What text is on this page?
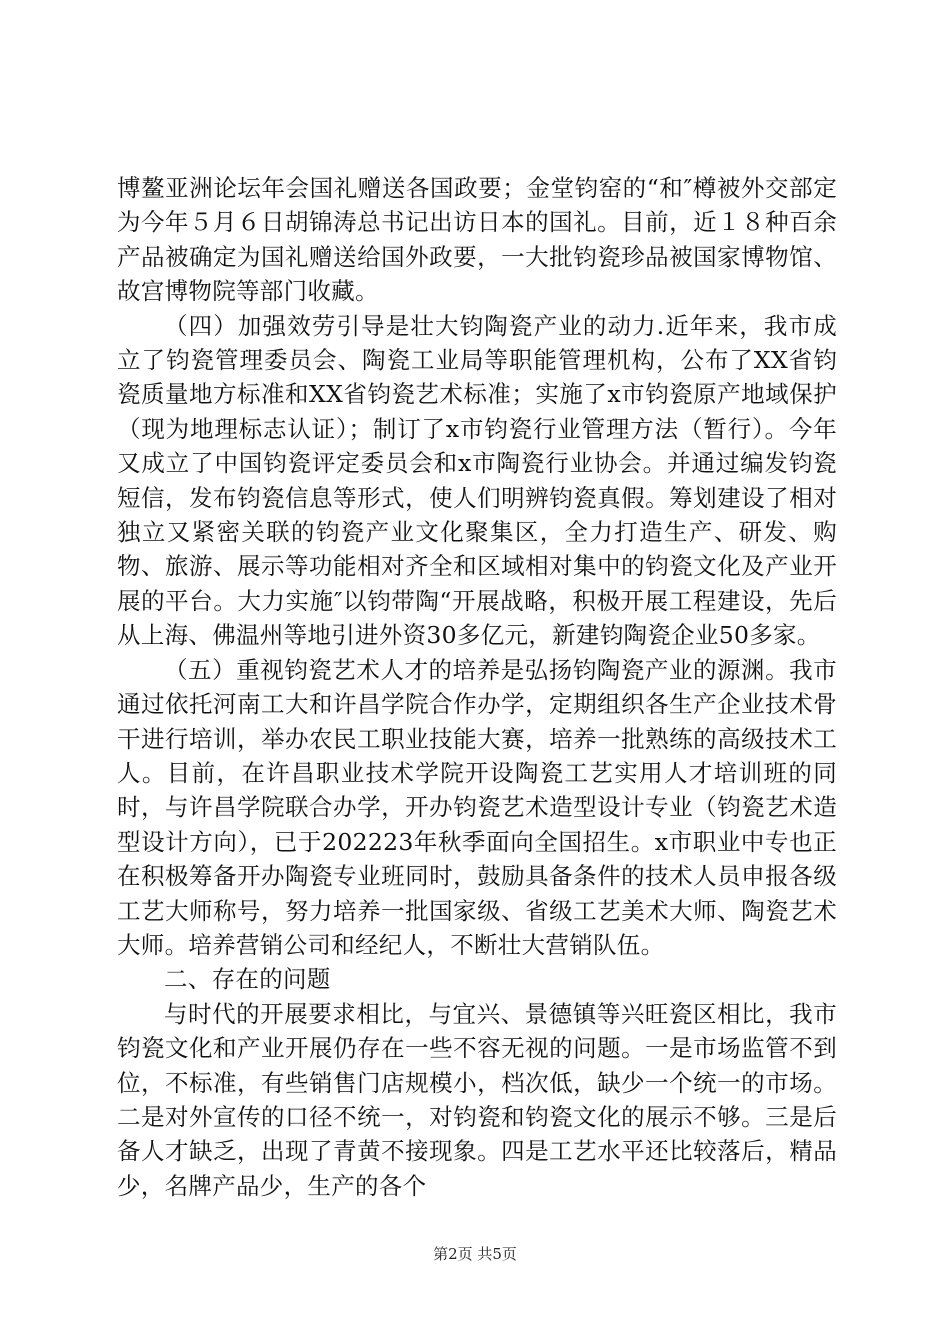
博鳌亚洲论坛年会国礼赠送各国政要；金堂钧窑的“和″樽被外交部定为今年５月６日胡锦涛总书记出访日本的国礼。目前，近１８种百余产品被确定为国礼赠送给国外政要，一大批钧瓷珍品被国家博物馆、故宫博物院等部门收藏。

（四）加强效劳引导是壮大钧陶瓷产业的动力.近年来，我市成立了钧瓷管理委员会、陶瓷工业局等职能管理机构，公布了XX省钧瓷质量地方标准和XX省钧瓷艺术标准；实施了x市钧瓷原产地域保护（现为地理标志认证）；制订了x市钧瓷行业管理方法（暂行）。今年又成立了中国钧瓷评定委员会和x市陶瓷行业协会。并通过编发钧瓷短信，发布钧瓷信息等形式，使人们明辨钧瓷真假。筹划建设了相对独立又紧密关联的钧瓷产业文化聚集区，全力打造生产、研发、购物、旅游、展示等功能相对齐全和区域相对集中的钧瓷文化及产业开展的平台。大力实施″以钧带陶“开展战略，积极开展工程建设，先后从上海、佛温州等地引进外资30多亿元，新建钧陶瓷企业50多家。

（五）重视钧瓷艺术人才的培养是弘扬钧陶瓷产业的源渊。我市通过依托河南工大和许昌学院合作办学，定期组织各生产企业技术骨干进行培训，举办农民工职业技能大赛，培养一批熟练的高级技术工人。目前，在许昌职业技术学院开设陶瓷工艺实用人才培训班的同时，与许昌学院联合办学，开办钧瓷艺术造型设计专业（钧瓷艺术造型设计方向），已于202223年秋季面向全国招生。x市职业中专也正在积极筹备开办陶瓷专业班同时，鼓励具备条件的技术人员申报各级工艺大师称号，努力培养一批国家级、省级工艺美术大师、陶瓷艺术大师。培养营销公司和经纪人，不断壮大营销队伍。

二、存在的问题

与时代的开展要求相比，与宜兴、景德镇等兴旺瓷区相比，我市钧瓷文化和产业开展仍存在一些不容无视的问题。一是市场监管不到位，不标准，有些销售门店规模小，档次低，缺少一个统一的市场。二是对外宣传的口径不统一，对钧瓷和钧瓷文化的展示不够。三是后备人才缺乏，出现了青黄不接现象。四是工艺水平还比较落后，精品少，名牌产品少，生产的各个

第2页 共5页
